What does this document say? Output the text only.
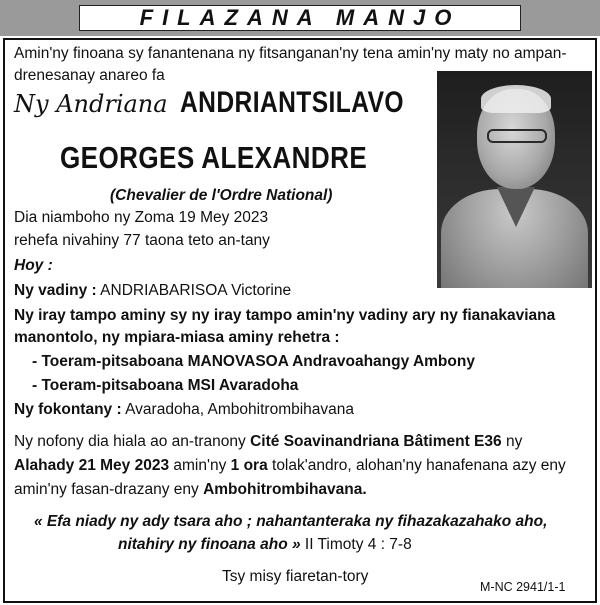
FILAZANA MANJO
Amin'ny finoana sy fanantenana ny fitsanganan'ny tena amin'ny maty no ampan-
drenesanay anareo fa
Ny Andriana ANDRIANTSILAVO
GEORGES ALEXANDRE
(Chevalier de l'Ordre National)
Dia niamboho ny Zoma 19 Mey 2023
rehefa nivahiny 77 taona teto an-tany
Hoy :
Ny vadiny : ANDRIABARISOA Victorine
Ny iray tampo aminy sy ny iray tampo amin'ny vadiny ary ny fianakaviana
manontolo, ny mpiara-miasa aminy rehetra :
- Toeram-pitsaboana MANOVASOA Andravoahangy Ambony
- Toeram-pitsaboana MSI Avaradoha
Ny fokontany : Avaradoha, Ambohitrombihavana
Ny nofony dia hiala ao an-tranony Cité Soavinandriana Bâtiment E36 ny
Alahady 21 Mey 2023 amin'ny 1 ora tolak'andro, alohan'ny hanafenana azy eny
amin'ny fasan-drazany eny Ambohitrombihavana.
« Efa niady ny ady tsara aho ; nahantanteraka ny fihazakazahako aho,
nitahiry ny finoana aho » II Timoty 4 : 7-8
Tsy misy fiaretan-tory
M-NC 2941/1-1
